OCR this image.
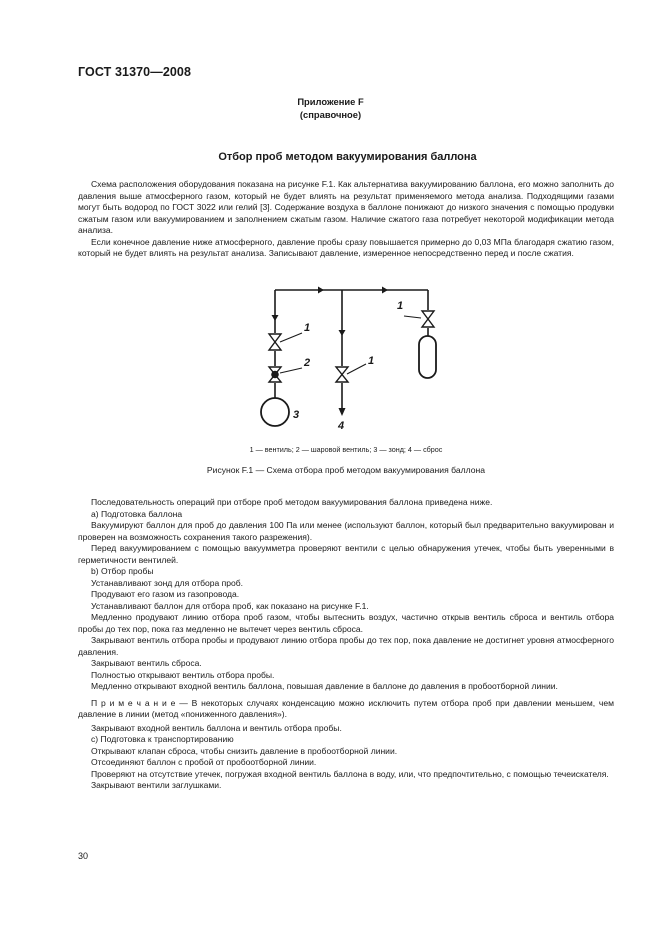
ГОСТ 31370—2008
Приложение F
(справочное)
Отбор проб методом вакуумирования баллона

Схема расположения оборудования показана на рисунке F.1. Как альтернатива вакуумированию баллона, его можно заполнить до давления выше атмосферного газом, который не будет влиять на результат применяемого метода анализа. Подходящими газами могут быть водород по ГОСТ 3022 или гелий [3]. Содержание воздуха в баллоне понижают до низкого значения с помощью продувки сжатым газом или вакуумированием и заполнением сжатым газом. Наличие сжатого газа потребует некоторой модификации метода анализа.

Если конечное давление ниже атмосферного, давление пробы сразу повышается примерно до 0,03 МПа благодаря сжатию газом, который не будет влиять на результат анализа. Записывают давление, измеренное непосредственно перед и после сжатия.

1
2
3
1
4
1
1 — вентиль; 2 — шаровой вентиль; 3 — зонд; 4 — сброс
Рисунок F.1 — Схема отбора проб методом вакуумирования баллона

Последовательность операций при отборе проб методом вакуумирования баллона приведена ниже.

а) Подготовка баллона

Вакуумируют баллон для проб до давления 100 Па или менее (используют баллон, который был предварительно вакуумирован и проверен на возможность сохранения такого разрежения).

Перед вакуумированием с помощью вакуумметра проверяют вентили с целью обнаружения утечек, чтобы быть уверенными в герметичности вентилей.

b) Отбор пробы

Устанавливают зонд для отбора проб.

Продувают его газом из газопровода.

Устанавливают баллон для отбора проб, как показано на рисунке F.1.

Медленно продувают линию отбора проб газом, чтобы вытеснить воздух, частично открыв вентиль сброса и вентиль отбора пробы до тех пор, пока газ медленно не вытечет через вентиль сброса.

Закрывают вентиль отбора пробы и продувают линию отбора пробы до тех пор, пока давление не достигнет уровня атмосферного давления.

Закрывают вентиль сброса.

Полностью открывают вентиль отбора пробы.

Медленно открывают входной вентиль баллона, повышая давление в баллоне до давления в пробоотборной линии.

П р и м е ч а н и е — В некоторых случаях конденсацию можно исключить путем отбора проб при давлении меньшем, чем давление в линии (метод «пониженного давления»).

Закрывают входной вентиль баллона и вентиль отбора пробы.

с) Подготовка к транспортированию

Открывают клапан сброса, чтобы снизить давление в пробоотборной линии.

Отсоединяют баллон с пробой от пробоотборной линии.

Проверяют на отсутствие утечек, погружая входной вентиль баллона в воду, или, что предпочтительно, с помощью течеискателя.

Закрывают вентили заглушками.

30
